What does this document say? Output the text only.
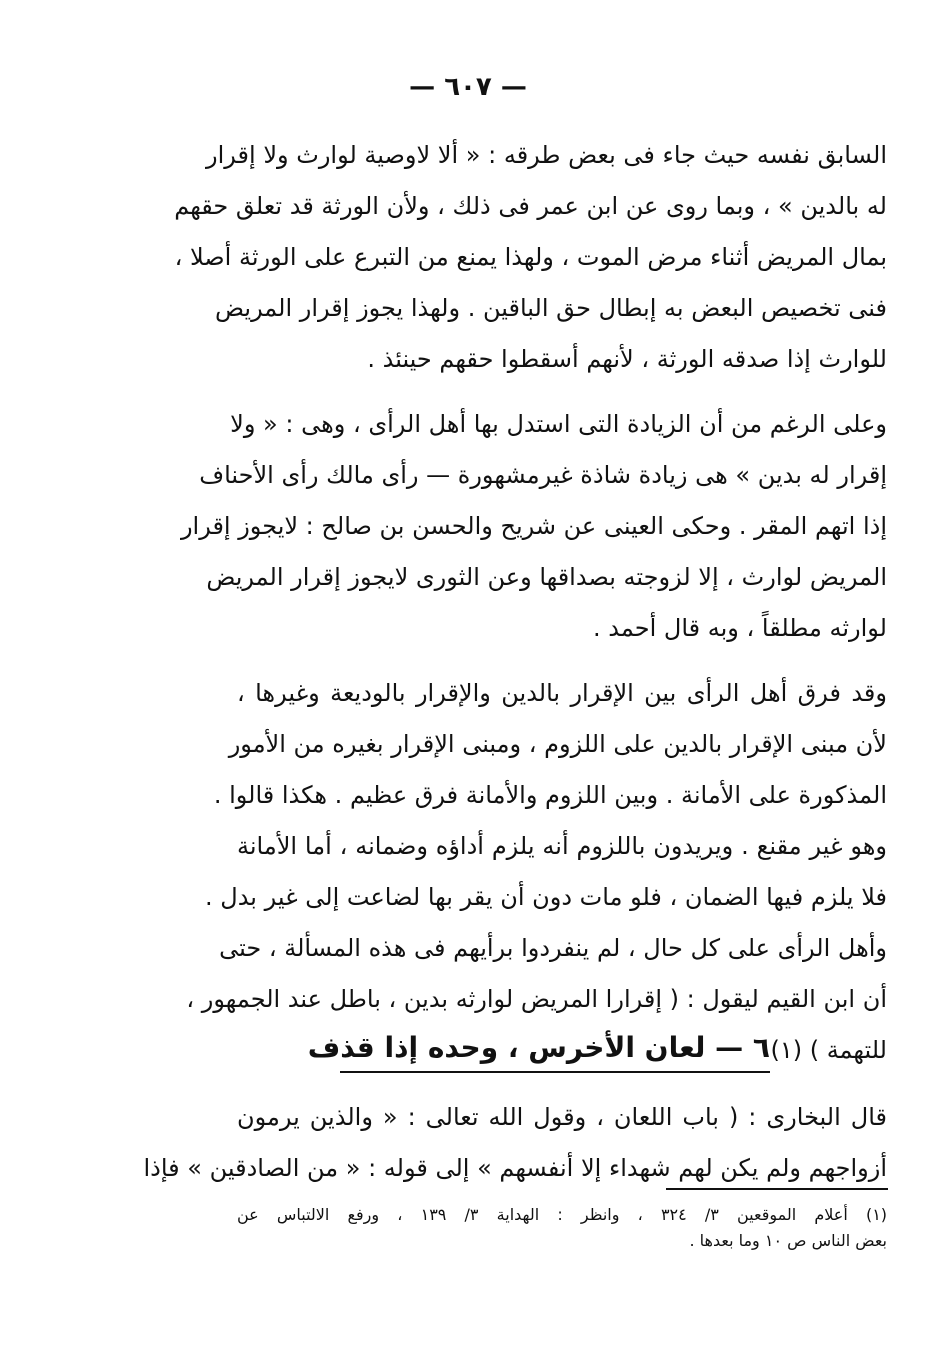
— ٦٠٧ —
السابق نفسه حيث جاء فى بعض طرقه : « ألا لاوصية لوارث ولا إقرار
له بالدين » ، وبما روى عن ابن عمر فى ذلك ، ولأن الورثة قد تعلق حقهم
بمال المريض أثناء مرض الموت ، ولهذا يمنع من التبرع على الورثة أصلا ،
فنى تخصيص البعض به إبطال حق الباقين . ولهذا يجوز إقرار المريض
للوارث إذا صدقه الورثة ، لأنهم أسقطوا حقهم حينئذ .
وعلى الرغم من أن الزيادة التى استدل بها أهل الرأى ، وهى : « ولا
إقرار له بدين » هى زيادة شاذة غيرمشهورة — رأى مالك رأى الأحناف
إذا اتهم المقر . وحكى العينى عن شريح والحسن بن صالح : لايجوز إقرار
المريض لوارث ، إلا لزوجته بصداقها وعن الثورى لايجوز إقرار المريض
لوارثه مطلقاً ، وبه قال أحمد .
وقد فرق أهل الرأى بين الإقرار بالدين والإقرار بالوديعة وغيرها ،
لأن مبنى الإقرار بالدين على اللزوم ، ومبنى الإقرار بغيره من الأمور
المذكورة على الأمانة . وبين اللزوم والأمانة فرق عظيم . هكذا قالوا .
وهو غير مقنع . ويريدون باللزوم أنه يلزم أداؤه وضمانه ، أما الأمانة
فلا يلزم فيها الضمان ، فلو مات دون أن يقر بها لضاعت إلى غير بدل .
وأهل الرأى على كل حال ، لم ينفردوا برأيهم فى هذه المسألة ، حتى
أن ابن القيم ليقول : ( إقرارا المريض لوارثه بدين ، باطل عند الجمهور ،
للتهمة ) (١)
٦ — لعان الأخرس ، وحده إذا قذف
قال البخارى : ( باب اللعان ، وقول الله تعالى : « والذين يرمون
أزواجهم ولم يكن لهم شهداء إلا أنفسهم » إلى قوله : « من الصادقين » فإذا
(١) أعلام الموقعين ٣/ ٣٢٤ ، وانظر : الهداية ٣/ ١٣٩ ، ورفع الالتباس عن
بعض الناس ص ١٠ وما بعدها .
